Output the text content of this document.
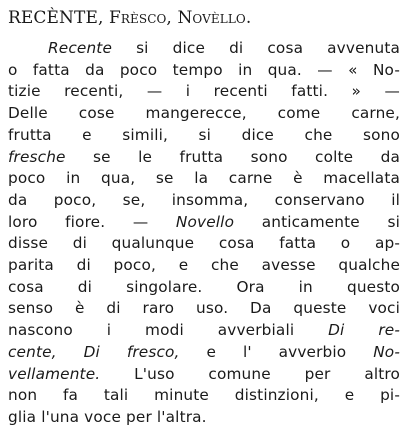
RECÈNTE, Frèsco, Novèllo.
Recente si dice di cosa avvenuta
o fatta da poco tempo in qua. — « No-
tizie recenti, — i recenti fatti. » —
Delle cose mangerecce, come carne,
frutta e simili, si dice che sono
fresche se le frutta sono colte da
poco in qua, se la carne è macellata
da poco, se, insomma, conservano il
loro fiore. — Novello anticamente si
disse di qualunque cosa fatta o ap-
parita di poco, e che avesse qualche
cosa di singolare. Ora in questo
senso è di raro uso. Da queste voci
nascono i modi avverbiali Di re-
cente, Di fresco, e l' avverbio No-
vellamente. L'uso comune per altro
non fa tali minute distinzioni, e pi-
glia l'una voce per l'altra.
